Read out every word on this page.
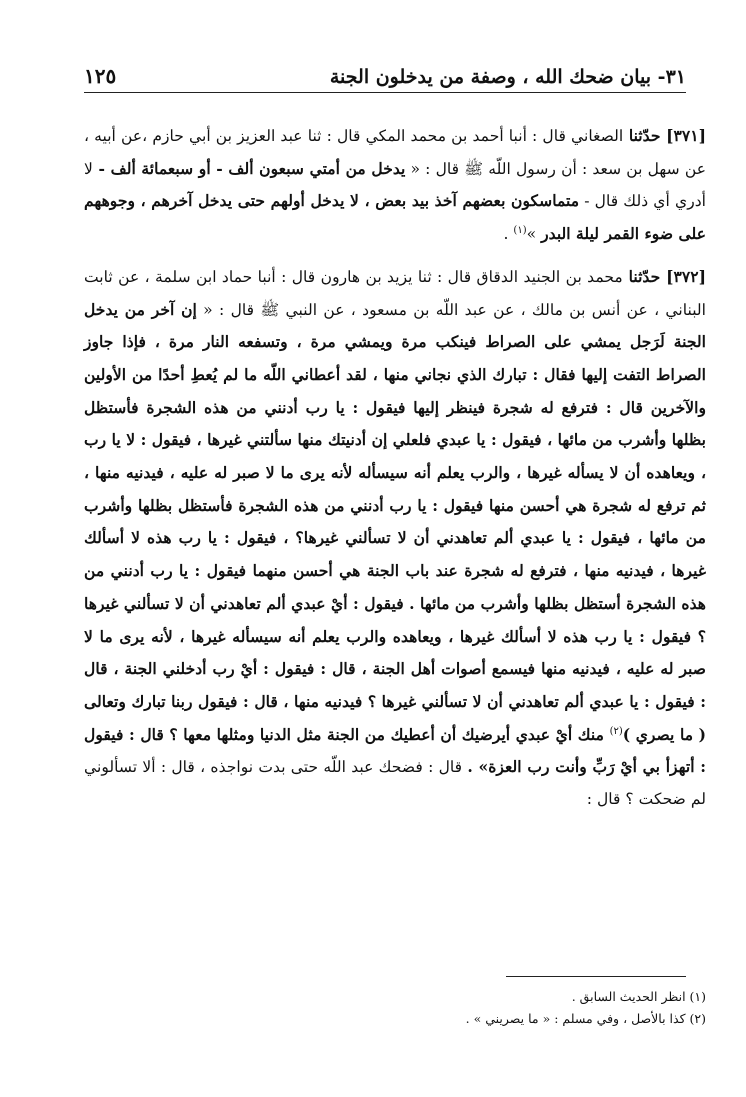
٣١- بيان ضحك الله ، وصفة من يدخلون الجنة
١٢٥

[٣٧١] حدّثنا الصغاني قال : أنبا أحمد بن محمد المكي قال : ثنا عبد العزيز بن أبي حازم ،عن أبيه ، عن سهل بن سعد : أن رسول اللّه ﷺ قال : « يدخل من أمتي سبعون ألف - أو سبعمائة ألف - لا أدري أي ذلك قال - متماسكون بعضهم آخذ بيد بعض ، لا يدخل أولهم حتى يدخل آخرهم ، وجوههم على ضوء القمر ليلة البدر »$^{(١)}$ .

[٣٧٢] حدّثنا محمد بن الجنيد الدقاق قال : ثنا يزيد بن هارون قال : أنبا حماد ابن سلمة ، عن ثابت البناني ، عن أنس بن مالك ، عن عبد اللّه بن مسعود ، عن النبي ﷺ قال : « إن آخر من يدخل الجنة لَرَجل يمشي على الصراط فينكب مرة ويمشي مرة ، وتسفعه النار مرة ، فإذا جاوز الصراط التفت إليها فقال : تبارك الذي نجاني منها ، لقد أعطاني اللّه ما لم يُعطِ أحدًا من الأولين والآخرين قال : فترفع له شجرة فينظر إليها فيقول : يا رب أدنني من هذه الشجرة فأستظل بظلها وأشرب من مائها ، فيقول : يا عبدي فلعلي إن أدنيتك منها سألتني غيرها ، فيقول : لا يا رب ، ويعاهده أن لا يسأله غيرها ، والرب يعلم أنه سيسأله لأنه يرى ما لا صبر له عليه ، فيدنيه منها ، ثم ترفع له شجرة هي أحسن منها فيقول : يا رب أدنني من هذه الشجرة فأستظل بظلها وأشرب من مائها ، فيقول : يا عبدي ألم تعاهدني أن لا تسألني غيرها؟ ، فيقول : يا رب هذه لا أسألك غيرها ، فيدنيه منها ، فترفع له شجرة عند باب الجنة هي أحسن منهما فيقول : يا رب أدنني من هذه الشجرة أستظل بظلها وأشرب من مائها . فيقول : أيْ عبدي ألم تعاهدني أن لا تسألني غيرها ؟ فيقول : يا رب هذه لا أسألك غيرها ، ويعاهده والرب يعلم أنه سيسأله غيرها ، لأنه يرى ما لا صبر له عليه ، فيدنيه منها فيسمع أصوات أهل الجنة ، قال : فيقول : أيْ رب أدخلني الجنة ، قال : فيقول : يا عبدي ألم تعاهدني أن لا تسألني غيرها ؟ فيدنيه منها ، قال : فيقول ربنا تبارك وتعالى ( ما يصري )$^{(٢)}$ منك أيْ عبدي أيرضيك أن أعطيك من الجنة مثل الدنيا ومثلها معها ؟ قال : فيقول : أتهزأ بي أيْ رَبِّ وأنت رب العزة» . قال : فضحك عبد اللّه حتى بدت نواجذه ، قال : ألا تسألوني لم ضحكت ؟ قال :

(١) انظر الحديث السابق .
(٢) كذا بالأصل ، وفي مسلم : « ما يصريني » .
